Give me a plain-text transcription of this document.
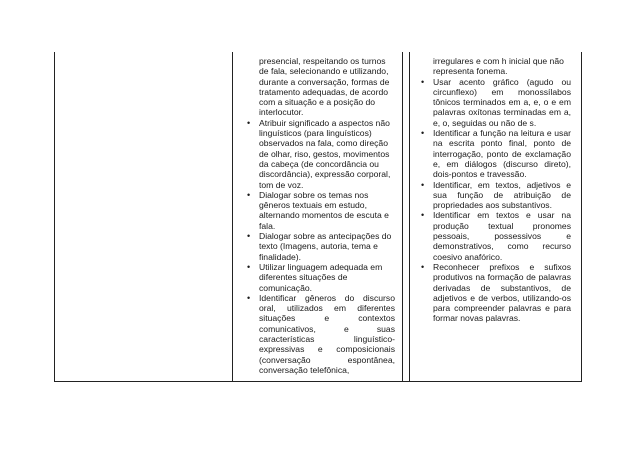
presencial, respeitando os turnos de fala, selecionando e utilizando, durante a conversação, formas de tratamento adequadas, de acordo com a situação e a posição do interlocutor.
• Atribuir significado a aspectos não linguísticos (para linguísticos) observados na fala, como direção de olhar, riso, gestos, movimentos da cabeça (de concordância ou discordância), expressão corporal, tom de voz.
• Dialogar sobre os temas nos gêneros textuais em estudo, alternando momentos de escuta e fala.
• Dialogar sobre as antecipações do texto (Imagens, autoria, tema e finalidade).
• Utilizar linguagem adequada em diferentes situações de comunicação.
• Identificar gêneros do discurso oral, utilizados em diferentes situações e contextos comunicativos, e suas características linguístico-expressivas e composicionais (conversação espontânea, conversação telefônica,
irregulares e com h inicial que não representa fonema.
• Usar acento gráfico (agudo ou circunflexo) em monossílabos tônicos terminados em a, e, o e em palavras oxítonas terminadas em a, e, o, seguidas ou não de s.
• Identificar a função na leitura e usar na escrita ponto final, ponto de interrogação, ponto de exclamação e, em diálogos (discurso direto), dois-pontos e travessão.
• Identificar, em textos, adjetivos e sua função de atribuição de propriedades aos substantivos.
• Identificar em textos e usar na produção textual pronomes pessoais, possessivos e demonstrativos, como recurso coesivo anafórico.
• Reconhecer prefixos e sufixos produtivos na formação de palavras derivadas de substantivos, de adjetivos e de verbos, utilizando-os para compreender palavras e para formar novas palavras.
